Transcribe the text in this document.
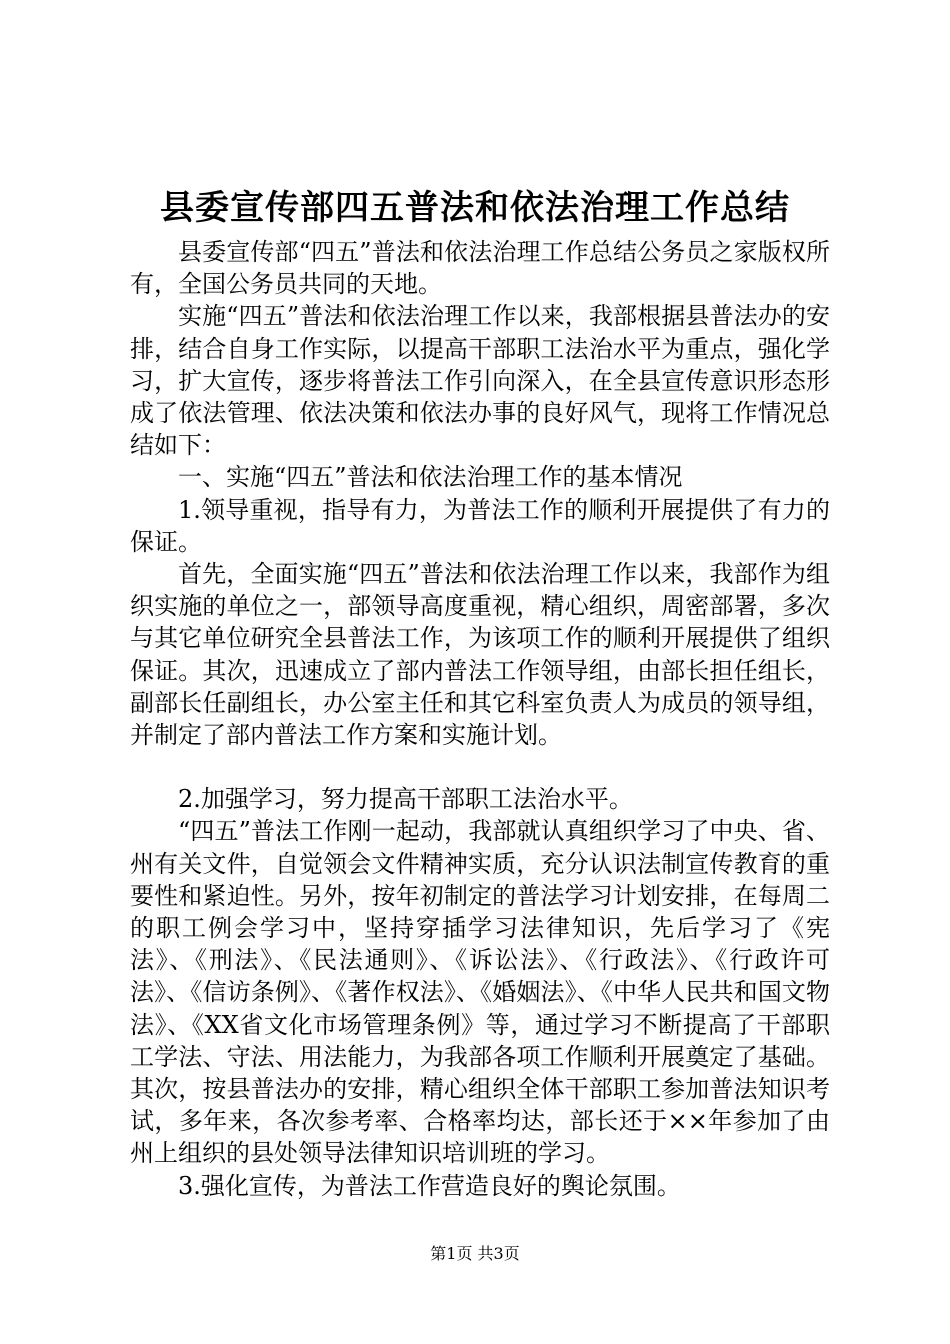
县委宣传部四五普法和依法治理工作总结

县委宣传部“四五”普法和依法治理工作总结公务员之家版权所有，全国公务员共同的天地。

实施“四五”普法和依法治理工作以来，我部根据县普法办的安排，结合自身工作实际，以提高干部职工法治水平为重点，强化学习，扩大宣传，逐步将普法工作引向深入，在全县宣传意识形态形成了依法管理、依法决策和依法办事的良好风气，现将工作情况总结如下：

一、实施“四五”普法和依法治理工作的基本情况

1.领导重视，指导有力，为普法工作的顺利开展提供了有力的保证。

首先，全面实施“四五”普法和依法治理工作以来，我部作为组织实施的单位之一，部领导高度重视，精心组织，周密部署，多次与其它单位研究全县普法工作，为该项工作的顺利开展提供了组织保证。其次，迅速成立了部内普法工作领导组，由部长担任组长，副部长任副组长，办公室主任和其它科室负责人为成员的领导组，并制定了部内普法工作方案和实施计划。

2.加强学习，努力提高干部职工法治水平。

“四五”普法工作刚一起动，我部就认真组织学习了中央、省、州有关文件，自觉领会文件精神实质，充分认识法制宣传教育的重要性和紧迫性。另外，按年初制定的普法学习计划安排，在每周二的职工例会学习中，坚持穿插学习法律知识，先后学习了《宪法》、《刑法》、《民法通则》、《诉讼法》、《行政法》、《行政许可法》、《信访条例》、《著作权法》、《婚姻法》、《中华人民共和国文物法》、《XX省文化市场管理条例》等，通过学习不断提高了干部职工学法、守法、用法能力，为我部各项工作顺利开展奠定了基础。其次，按县普法办的安排，精心组织全体干部职工参加普法知识考试，多年来，各次参考率、合格率均达，部长还于××年参加了由州上组织的县处领导法律知识培训班的学习。

3.强化宣传，为普法工作营造良好的舆论氛围。

第1页 共3页
